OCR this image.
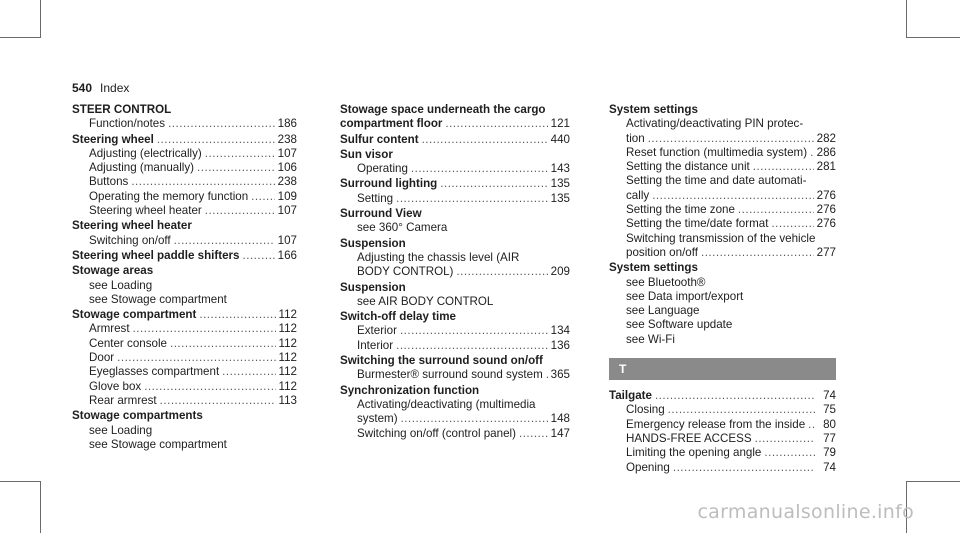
540 Index
STEER CONTROL
Function/notes .....	186
Steering wheel .....	238
Adjusting (electrically) .....	107
Adjusting (manually) .....	106
Buttons .....	238
Operating the memory function .....	109
Steering wheel heater .....	107
Steering wheel heater
Switching on/off .....	107
Steering wheel paddle shifters .....	166
Stowage areas
see Loading
see Stowage compartment
Stowage compartment .....	112
Armrest .....	112
Center console .....	112
Door .....	112
Eyeglasses compartment .....	112
Glove box .....	112
Rear armrest .....	113
Stowage compartments
see Loading
see Stowage compartment
Stowage space underneath the cargo
compartment floor .....	121
Sulfur content .....	440
Sun visor
Operating .....	143
Surround lighting .....	135
Setting .....	135
Surround View
see 360° Camera
Suspension
Adjusting the chassis level (AIR
BODY CONTROL) .....	209
Suspension
see AIR BODY CONTROL
Switch-off delay time
Exterior .....	134
Interior .....	136
Switching the surround sound on/off
Burmester® surround sound system ..... 365
Synchronization function
Activating/deactivating (multimedia
system) .....	148
Switching on/off (control panel) .....	147
System settings
Activating/deactivating PIN protec-
tion .....	282
Reset function (multimedia system) ..... 286
Setting the distance unit .....	281
Setting the time and date automati-
cally .....	276
Setting the time zone .....	276
Setting the time/date format .....	276
Switching transmission of the vehicle
position on/off .....	277
System settings
see Bluetooth®
see Data import/export
see Language
see Software update
see Wi-Fi
T
Tailgate .....	74
Closing .....	75
Emergency release from the inside .....	80
HANDS-FREE ACCESS .....	77
Limiting the opening angle .....	79
Opening .....	74
carmanualsonline.info
